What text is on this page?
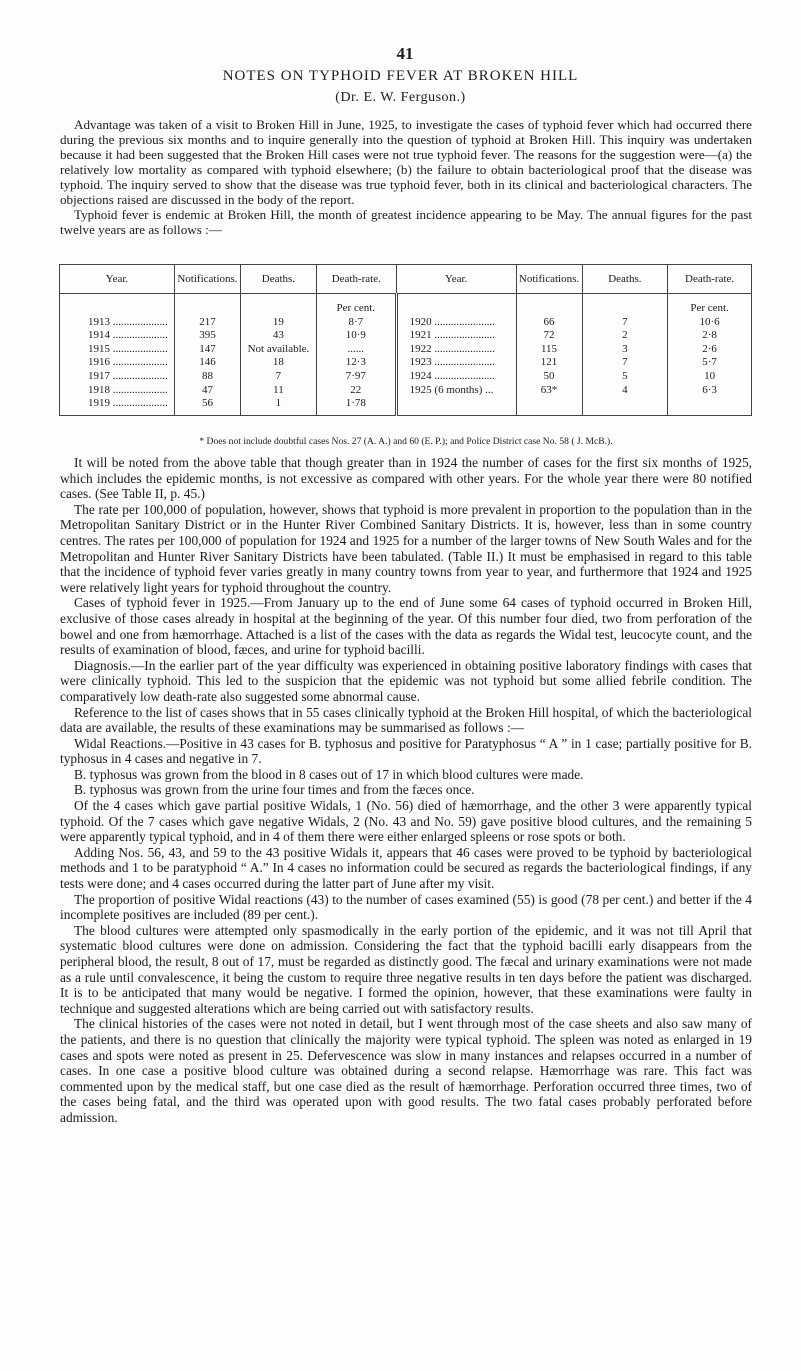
41
NOTES ON TYPHOID FEVER AT BROKEN HILL
(Dr. E. W. Ferguson.)

Advantage was taken of a visit to Broken Hill in June, 1925, to investigate the cases of typhoid fever which had occurred there during the previous six months and to inquire generally into the question of typhoid at Broken Hill. This inquiry was undertaken because it had been suggested that the Broken Hill cases were not true typhoid fever. The reasons for the suggestion were—(a) the relatively low mortality as compared with typhoid elsewhere; (b) the failure to obtain bacteriological proof that the disease was typhoid. The inquiry served to show that the disease was true typhoid fever, both in its clinical and bacteriological characters. The objections raised are discussed in the body of the report.

Typhoid fever is endemic at Broken Hill, the month of greatest incidence appearing to be May. The annual figures for the past twelve years are as follows :—

Year.	Notifications.	Deaths.	Death-rate.	Year.	Notifications.	Deaths.	Death-rate.
			Per cent.				Per cent.
1913 ....................	217	19	8·7	1920 ......................	66	7	10·6
1914 ....................	395	43	10·9	1921 ......................	72	2	2·8
1915 ....................	147	Not available.	......	1922 ......................	115	3	2·6
1916 ....................	146	18	12·3	1923 ......................	121	7	5·7
1917 ....................	88	7	7·97	1924 ......................	50	5	10
1918 ....................	47	11	22	1925 (6 months) ...	63*	4	6·3
1919 ....................	56	1	1·78				
* Does not include doubtful cases Nos. 27 (A. A.) and 60 (E. P.); and Police District case No. 58 ( J. McB.).

It will be noted from the above table that though greater than in 1924 the number of cases for the first six months of 1925, which includes the epidemic months, is not excessive as compared with other years. For the whole year there were 80 notified cases. (See Table II, p. 45.)

The rate per 100,000 of population, however, shows that typhoid is more prevalent in proportion to the population than in the Metropolitan Sanitary District or in the Hunter River Combined Sanitary Districts. It is, however, less than in some country centres. The rates per 100,000 of population for 1924 and 1925 for a number of the larger towns of New South Wales and for the Metropolitan and Hunter River Sanitary Districts have been tabulated. (Table II.) It must be emphasised in regard to this table that the incidence of typhoid fever varies greatly in many country towns from year to year, and furthermore that 1924 and 1925 were relatively light years for typhoid throughout the country.

Cases of typhoid fever in 1925.—From January up to the end of June some 64 cases of typhoid occurred in Broken Hill, exclusive of those cases already in hospital at the beginning of the year. Of this number four died, two from perforation of the bowel and one from hæmorrhage. Attached is a list of the cases with the data as regards the Widal test, leucocyte count, and the results of examination of blood, fæces, and urine for typhoid bacilli.

Diagnosis.—In the earlier part of the year difficulty was experienced in obtaining positive laboratory findings with cases that were clinically typhoid. This led to the suspicion that the epidemic was not typhoid but some allied febrile condition. The comparatively low death-rate also suggested some abnormal cause.

Reference to the list of cases shows that in 55 cases clinically typhoid at the Broken Hill hospital, of which the bacteriological data are available, the results of these examinations may be summarised as follows :—

Widal Reactions.—Positive in 43 cases for B. typhosus and positive for Paratyphosus “ A ” in 1 case; partially positive for B. typhosus in 4 cases and negative in 7.

B. typhosus was grown from the blood in 8 cases out of 17 in which blood cultures were made.

B. typhosus was grown from the urine four times and from the fæces once.

Of the 4 cases which gave partial positive Widals, 1 (No. 56) died of hæmorrhage, and the other 3 were apparently typical typhoid. Of the 7 cases which gave negative Widals, 2 (No. 43 and No. 59) gave positive blood cultures, and the remaining 5 were apparently typical typhoid, and in 4 of them there were either enlarged spleens or rose spots or both.

Adding Nos. 56, 43, and 59 to the 43 positive Widals it, appears that 46 cases were proved to be typhoid by bacteriological methods and 1 to be paratyphoid “ A.” In 4 cases no information could be secured as regards the bacteriological findings, if any tests were done; and 4 cases occurred during the latter part of June after my visit.

The proportion of positive Widal reactions (43) to the number of cases examined (55) is good (78 per cent.) and better if the 4 incomplete positives are included (89 per cent.).

The blood cultures were attempted only spasmodically in the early portion of the epidemic, and it was not till April that systematic blood cultures were done on admission. Considering the fact that the typhoid bacilli early disappears from the peripheral blood, the result, 8 out of 17, must be regarded as distinctly good. The fæcal and urinary examinations were not made as a rule until convalescence, it being the custom to require three negative results in ten days before the patient was discharged. It is to be anticipated that many would be negative. I formed the opinion, however, that these examinations were faulty in technique and suggested alterations which are being carried out with satisfactory results.

The clinical histories of the cases were not noted in detail, but I went through most of the case sheets and also saw many of the patients, and there is no question that clinically the majority were typical typhoid. The spleen was noted as enlarged in 19 cases and spots were noted as present in 25. Defervescence was slow in many instances and relapses occurred in a number of cases. In one case a positive blood culture was obtained during a second relapse. Hæmorrhage was rare. This fact was commented upon by the medical staff, but one case died as the result of hæmorrhage. Perforation occurred three times, two of the cases being fatal, and the third was operated upon with good results. The two fatal cases probably perforated before admission.
